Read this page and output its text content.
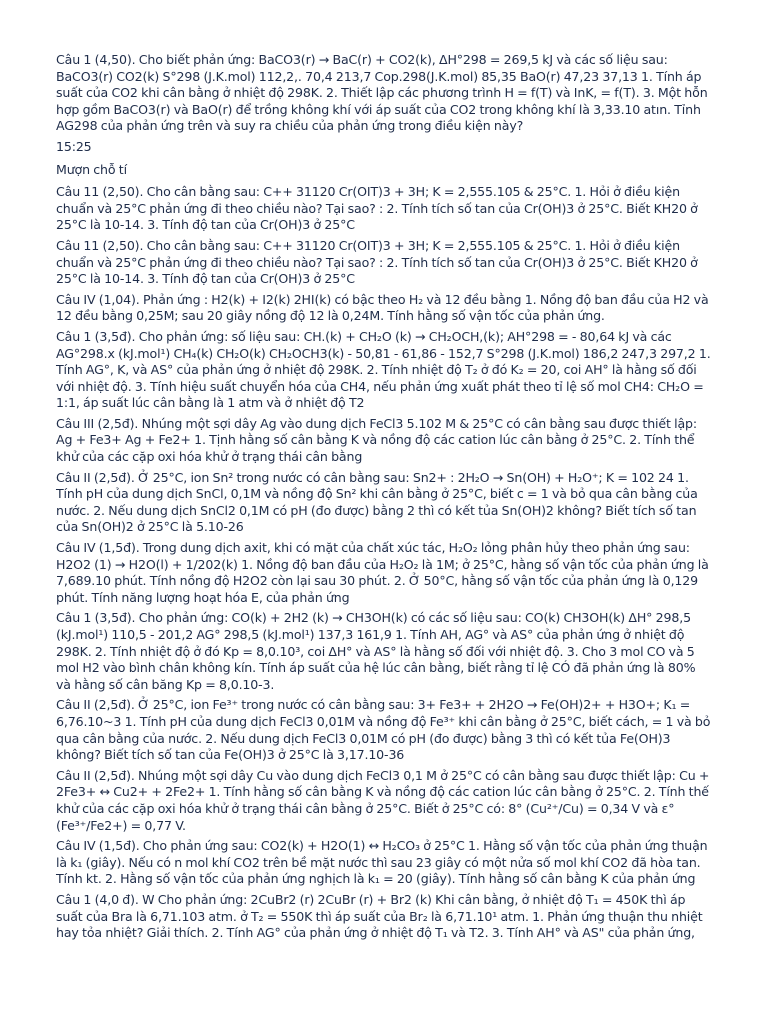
Câu 1 (4,50). Cho biết phản ứng: BaCO3(r) → BaC(r) + CO2(k), ΔH°298 = 269,5 kJ và các số liệu sau: BaCO3(r) CO2(k) S°298 (J.K.mol) 112,2,. 70,4 213,7 Cop.298(J.K.mol) 85,35 BaO(r) 47,23 37,13 1. Tính áp suất của CO2 khi cân bằng ở nhiệt độ 298K. 2. Thiết lập các phương trình H = f(T) và InK, = f(T). 3. Một hỗn hợp gồm BaCO3(r) và BaO(r) để trồng không khí với áp suất của CO2 trong không khí là 3,33.10 atın. Tỉnh AG298 của phản ứng trên và suy ra chiều của phản ứng trong điều kiện này?

15:25

Mượn chỗ tí

Câu 11 (2,50). Cho cân bằng sau: C++ 31120 Cr(OIT)3 + 3H; K = 2,555.105 & 25°C. 1. Hỏi ở điều kiện chuẩn và 25°C phản ứng đi theo chiều nào? Tại sao? : 2. Tính tích số tan của Cr(OH)3 ở 25°C. Biết KH20 ở 25°C là 10-14. 3. Tính độ tan của Cr(OH)3 ở 25°C

Câu 11 (2,50). Cho cân bằng sau: C++ 31120 Cr(OIT)3 + 3H; K = 2,555.105 & 25°C. 1. Hỏi ở điều kiện chuẩn và 25°C phản ứng đi theo chiều nào? Tại sao? : 2. Tính tích số tan của Cr(OH)3 ở 25°C. Biết KH20 ở 25°C là 10-14. 3. Tính độ tan của Cr(OH)3 ở 25°C

Câu IV (1,04). Phản ứng : H2(k) + I2(k) 2HI(k) có bậc theo H₂ và 12 đều bằng 1. Nồng độ ban đầu của H2 và 12 đều bằng 0,25M; sau 20 giây nồng độ 12 là 0,24M. Tính hằng số vận tốc của phản ứng.

Câu 1 (3,5đ). Cho phản ứng: số liệu sau: CH.(k) + CH₂O (k) → CH₂OCH,(k); AH°298 = - 80,64 kJ và các AG°298.x (kJ.mol¹) CH₄(k) CH₂O(k) CH₂OCH3(k) - 50,81 - 61,86 - 152,7 S°298 (J.K.mol) 186,2 247,3 297,2 1. Tính AG°, K, và AS° của phản ứng ở nhiệt độ 298K. 2. Tính nhiệt độ T₂ ở đó K₂ = 20, coi AH° là hằng số đối với nhiệt độ. 3. Tính hiệu suất chuyển hóa của CH4, nếu phản ứng xuất phát theo tỉ lệ số mol CH4: CH₂O = 1:1, áp suất lúc cân bằng là 1 atm và ở nhiệt độ T2

Câu III (2,5đ). Nhúng một sợi dây Ag vào dung dịch FeCl3 5.102 M & 25°C có cân bằng sau được thiết lập: Ag + Fe3+ Ag + Fe2+ 1. Tịnh hằng số cân bằng K và nồng độ các cation lúc cân bằng ở 25°C. 2. Tính thể khử của các cặp oxi hóa khử ở trạng thái cân bằng

Câu II (2,5đ). Ở 25°C, ion Sn² trong nước có cân bằng sau: Sn2+ : 2H₂O → Sn(OH) + H₂O⁺; K = 102 24 1. Tính pH của dung dịch SnCl, 0,1M và nồng độ Sn² khi cân bằng ở 25°C, biết c = 1 và bỏ qua cân bằng của nước. 2. Nếu dung dịch SnCl2 0,1M có pH (đo được) bằng 2 thì có kết tủa Sn(OH)2 không? Biết tích số tan của Sn(OH)2 ở 25°C là 5.10-26

Câu IV (1,5đ). Trong dung dịch axit, khi có mặt của chất xúc tác, H₂O₂ lỏng phân hủy theo phản ứng sau: H2O2 (1) → H2O(l) + 1/202(k) 1. Nồng độ ban đầu của H₂O₂ là 1M; ở 25°C, hằng số vận tốc của phản ứng là 7,689.10 phút. Tính nồng độ H2O2 còn lại sau 30 phút. 2. Ở 50°C, hằng số vận tốc của phản ứng là 0,129 phút. Tính năng lượng hoạt hóa E, của phản ứng

Câu 1 (3,5đ). Cho phản ứng: CO(k) + 2H2 (k) → CH3OH(k) có các số liệu sau: CO(k) CH3OH(k) ΔH° 298,5 (kJ.mol¹) 110,5 - 201,2 AG° 298,5 (kJ.mol¹) 137,3 161,9 1. Tính AH, AG° và AS° của phản ứng ở nhiệt độ 298K. 2. Tính nhiệt độ ở đó Kp = 8,0.10³, coi ΔH° và AS° là hằng số đối với nhiệt độ. 3. Cho 3 mol CO và 5 mol H2 vào bình chân không kín. Tính áp suất của hệ lúc cân bằng, biết rằng tỉ lệ CÓ đã phản ứng là 80% và hằng số cân băng Kp = 8,0.10-3.

Câu II (2,5đ). Ở 25°C, ion Fe³⁺ trong nước có cân bằng sau: 3+ Fe3+ + 2H2O → Fe(OH)2+ + H3O+; K₁ = 6,76.10~3 1. Tính pH của dung dịch FeCl3 0,01M và nồng độ Fe³⁺ khi cân bằng ở 25°C, biết cách, = 1 và bỏ qua cân bằng của nước. 2. Nếu dung dịch FeCl3 0,01M có pH (đo được) bằng 3 thì có kết tủa Fe(OH)3 không? Biết tích số tan của Fe(OH)3 ở 25°C là 3,17.10-36

Câu II (2,5đ). Nhúng một sợi dây Cu vào dung dịch FeCl3 0,1 M ở 25°C có cân bằng sau được thiết lập: Cu + 2Fe3+ ↔ Cu2+ + 2Fe2+ 1. Tính hằng số cân bằng K và nồng độ các cation lúc cân bằng ở 25°C. 2. Tính thế khử của các cặp oxi hóa khử ở trạng thái cân bằng ở 25°C. Biết ở 25°C có: 8° (Cu²⁺/Cu) = 0,34 V và ε° (Fe³⁺/Fe2+) = 0,77 V.

Câu IV (1,5đ). Cho phản ứng sau: CO2(k) + H2O(1) ↔ H₂CO₃ ở 25°C 1. Hằng số vận tốc của phản ứng thuận là k₁ (giây). Nếu có n mol khí CO2 trên bề mặt nước thì sau 23 giây có một nửa số mol khí CO2 đã hòa tan. Tính kt. 2. Hằng số vận tốc của phản ứng nghịch là k₁ = 20 (giây). Tính hằng số cân bằng K của phản ứng

Câu 1 (4,0 đ). W Cho phản ứng: 2CuBr2 (r) 2CuBr (r) + Br2 (k) Khi cân bằng, ở nhiệt độ T₁ = 450K thì áp suất của Bra là 6,71.103 atm. ở T₂ = 550K thì áp suất của Br₂ là 6,71.10¹ atm. 1. Phản ứng thuận thu nhiệt hay tỏa nhiệt? Giải thích. 2. Tính AG° của phản ứng ở nhiệt độ T₁ và T2. 3. Tính AH° và AS" của phản ứng,
